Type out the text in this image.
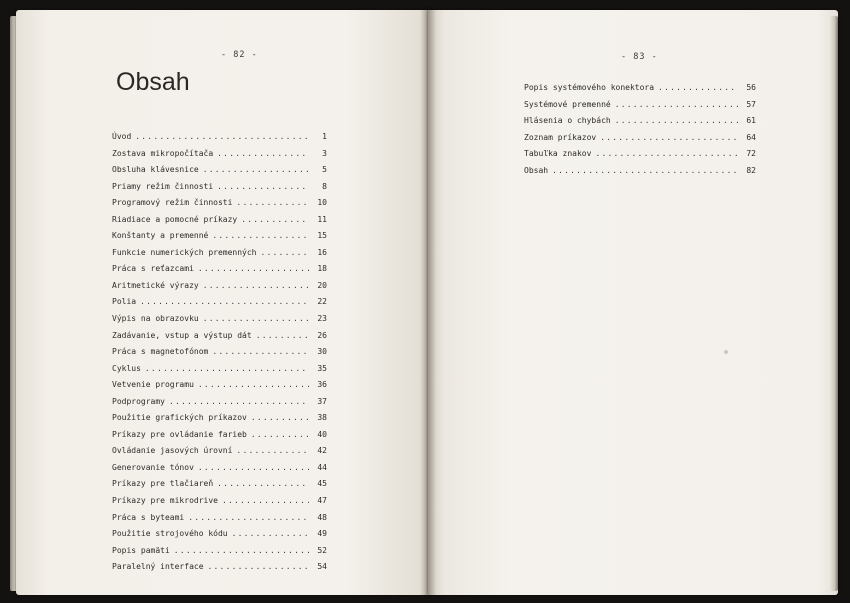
- 82 -
Obsah
Úvod .....	1
Zostava mikropočítača .....	3
Obsluha klávesnice .....	5
Priamy režim činnosti .....	8
Programový režim činnosti .....	10
Riadiace a pomocné príkazy .....	11
Konštanty a premenné .....	15
Funkcie numerických premenných .....	16
Práca s reťazcami .....	18
Aritmetické výrazy .....	20
Polia .....	22
Výpis na obrazovku .....	23
Zadávanie, vstup a výstup dát .....	26
Práca s magnetofónom .....	30
Cyklus .....	35
Vetvenie programu .....	36
Podprogramy .....	37
Použitie grafických príkazov .....	38
Príkazy pre ovládanie farieb .....	40
Ovládanie jasových úrovní .....	42
Generovanie tónov .....	44
Príkazy pre tlačiareň .....	45
Príkazy pre mikrodrive .....	47
Práca s byteami .....	48
Použitie strojového kódu .....	49
Popis pamäti .....	52
Paralelný interface .....	54
- 83 -
Popis systémového konektora .....	56
Systémové premenné .....	57
Hlásenia o chybách .....	61
Zoznam príkazov .....	64
Tabuľka znakov .....	72
Obsah .....	82
